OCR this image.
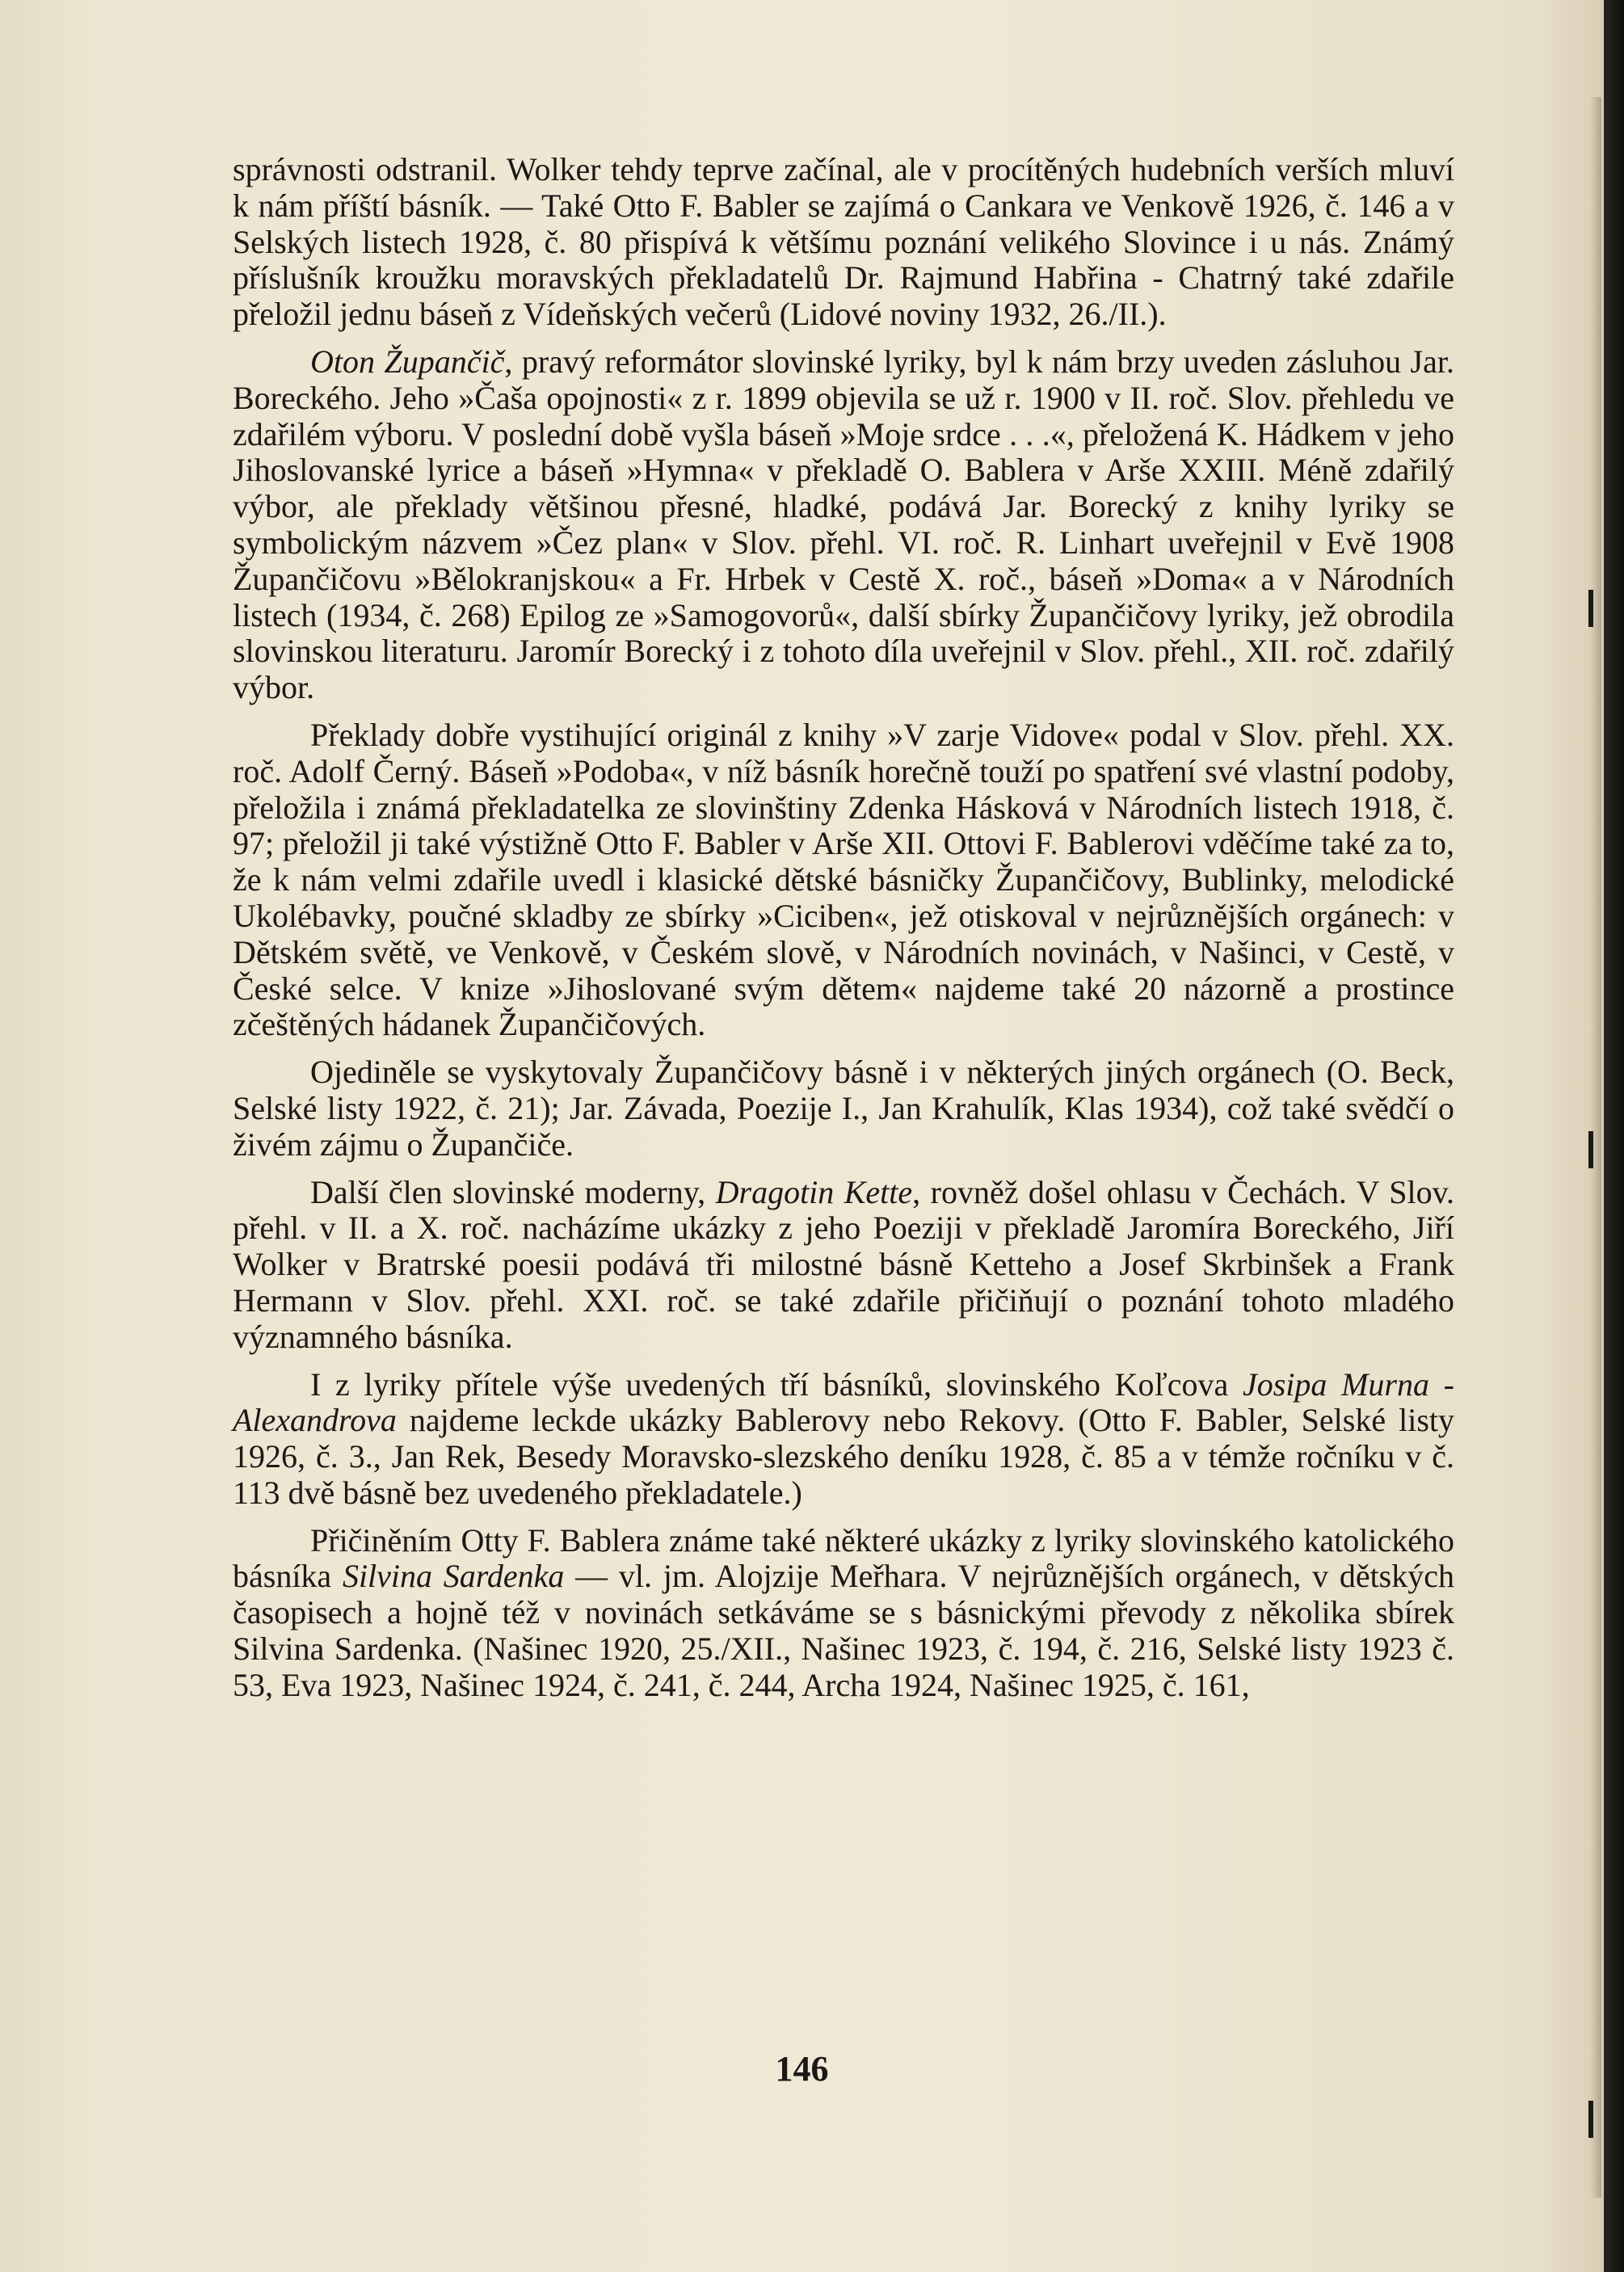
správnosti odstranil. Wolker tehdy teprve začínal, ale v procítěných hudebních verších mluví k nám příští básník. — Také Otto F. Babler se zajímá o Cankara ve Venkově 1926, č. 146 a v Selských listech 1928, č. 80 přispívá k většímu poznání velikého Slovince i u nás. Známý příslušník kroužku moravských překladatelů Dr. Rajmund Habřina - Chatrný také zdařile přeložil jednu báseň z Vídeňských večerů (Lidové noviny 1932, 26./II.).

Oton Župančič, pravý reformátor slovinské lyriky, byl k nám brzy uveden zásluhou Jar. Boreckého. Jeho »Čaša opojnosti« z r. 1899 objevila se už r. 1900 v II. roč. Slov. přehledu ve zdařilém výboru. V poslední době vyšla báseň »Moje srdce . . .«, přeložená K. Hádkem v jeho Jihoslovanské lyrice a báseň »Hymna« v překladě O. Bablera v Arše XXIII. Méně zdařilý výbor, ale překlady většinou přesné, hladké, podává Jar. Borecký z knihy lyriky se symbolickým názvem »Čez plan« v Slov. přehl. VI. roč. R. Linhart uveřejnil v Evě 1908 Župančičovu »Bělokranjskou« a Fr. Hrbek v Cestě X. roč., báseň »Doma« a v Národních listech (1934, č. 268) Epilog ze »Samogovorů«, další sbírky Župančičovy lyriky, jež obrodila slovinskou literaturu. Jaromír Borecký i z tohoto díla uveřejnil v Slov. přehl., XII. roč. zdařilý výbor.

Překlady dobře vystihující originál z knihy »V zarje Vidove« podal v Slov. přehl. XX. roč. Adolf Černý. Báseň »Podoba«, v níž básník horečně touží po spatření své vlastní podoby, přeložila i známá překladatelka ze slovinštiny Zdenka Hásková v Národních listech 1918, č. 97; přeložil ji také výstižně Otto F. Babler v Arše XII. Ottovi F. Bablerovi vděčíme také za to, že k nám velmi zdařile uvedl i klasické dětské básničky Župančičovy, Bublinky, melodické Ukolébavky, poučné skladby ze sbírky »Ciciben«, jež otiskoval v nejrůznějších orgánech: v Dětském světě, ve Venkově, v Českém slově, v Národních novinách, v Našinci, v Cestě, v České selce. V knize »Jihoslované svým dětem« najdeme také 20 názorně a prostince zčeštěných hádanek Župančičových.

Ojediněle se vyskytovaly Župančičovy básně i v některých jiných orgánech (O. Beck, Selské listy 1922, č. 21); Jar. Závada, Poezije I., Jan Krahulík, Klas 1934), což také svědčí o živém zájmu o Župančiče.

Další člen slovinské moderny, Dragotin Kette, rovněž došel ohlasu v Čechách. V Slov. přehl. v II. a X. roč. nacházíme ukázky z jeho Poeziji v překladě Jaromíra Boreckého, Jiří Wolker v Bratrské poesii podává tři milostné básně Ketteho a Josef Skrbinšek a Frank Hermann v Slov. přehl. XXI. roč. se také zdařile přičiňují o poznání tohoto mladého významného básníka.

I z lyriky přítele výše uvedených tří básníků, slovinského Koľcova Josipa Murna - Alexandrova najdeme leckde ukázky Bablerovy nebo Rekovy. (Otto F. Babler, Selské listy 1926, č. 3., Jan Rek, Besedy Moravsko-slezského deníku 1928, č. 85 a v témže ročníku v č. 113 dvě básně bez uvedeného překladatele.)

Přičiněním Otty F. Bablera známe také některé ukázky z lyriky slovinského katolického básníka Silvina Sardenka — vl. jm. Alojzije Meřhara. V nejrůznějších orgánech, v dětských časopisech a hojně též v novinách setkáváme se s básnickými převody z několika sbírek Silvina Sardenka. (Našinec 1920, 25./XII., Našinec 1923, č. 194, č. 216, Selské listy 1923 č. 53, Eva 1923, Našinec 1924, č. 241, č. 244, Archa 1924, Našinec 1925, č. 161,

146
